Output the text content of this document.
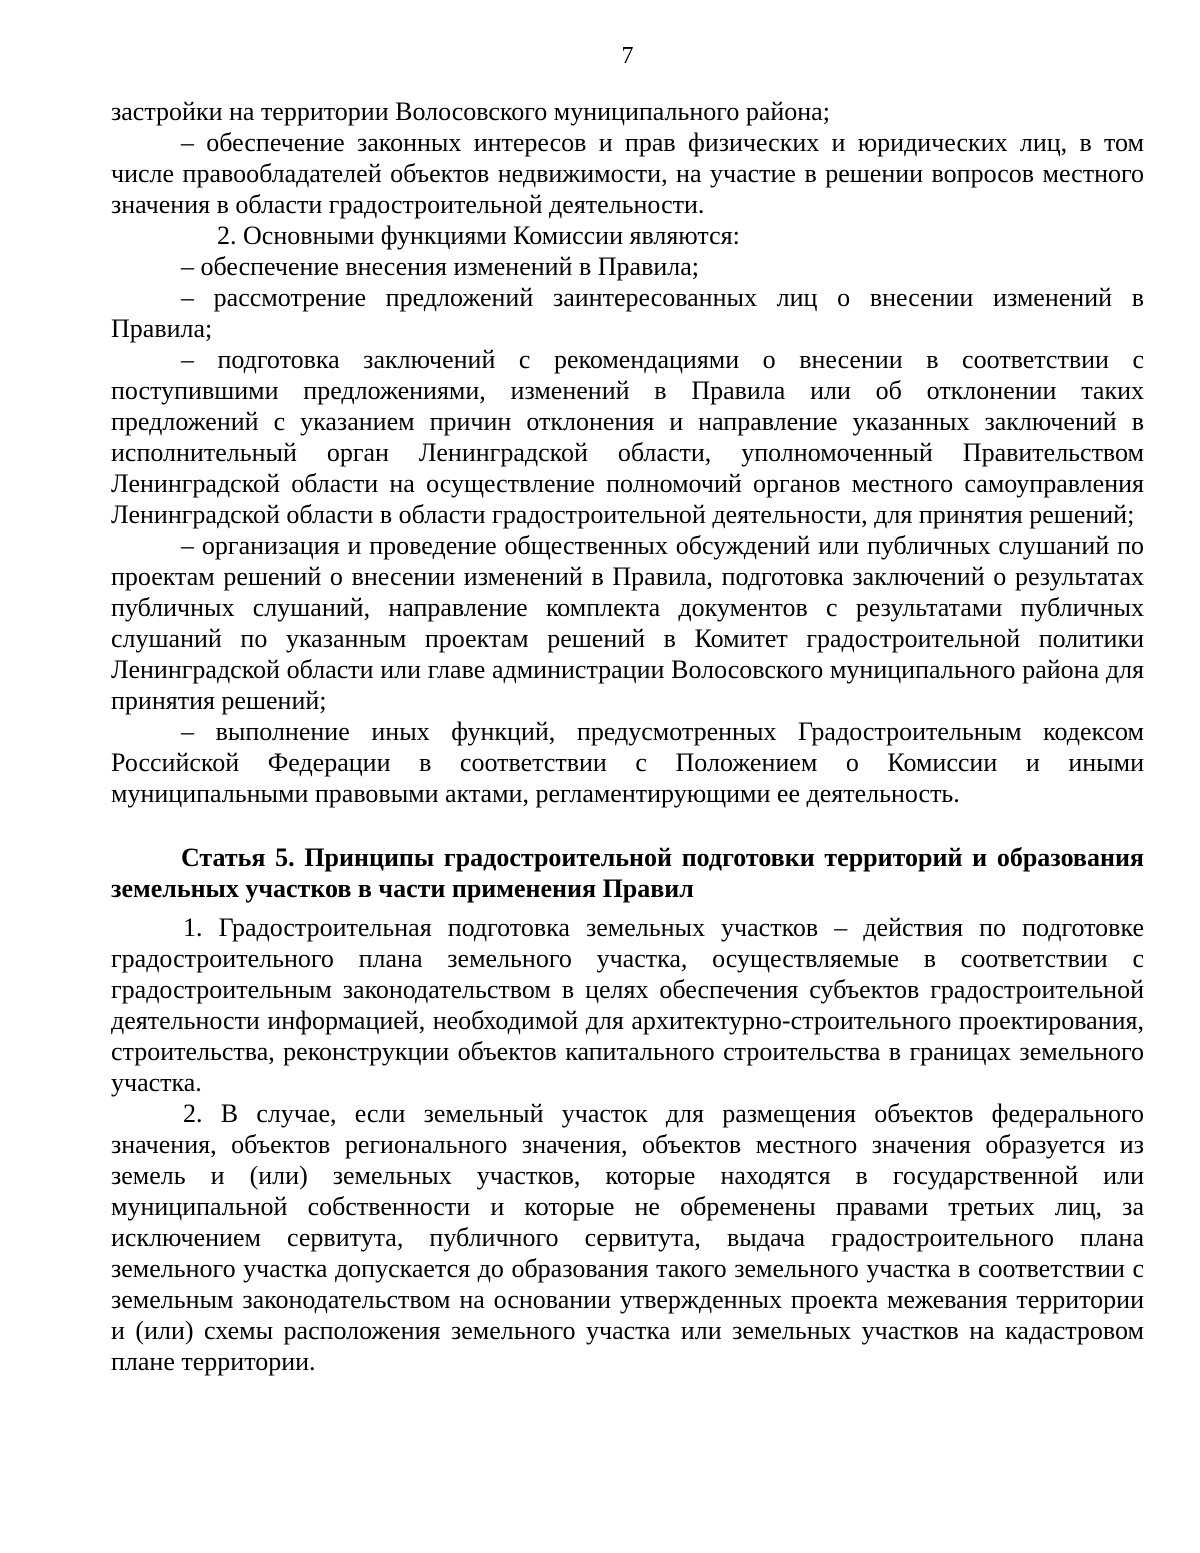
7

застройки на территории Волосовского муниципального района;

– обеспечение законных интересов и прав физических и юридических лиц, в том числе правообладателей объектов недвижимости, на участие в решении вопросов местного значения в области градостроительной деятельности.

2. Основными функциями Комиссии являются:

– обеспечение внесения изменений в Правила;

– рассмотрение предложений заинтересованных лиц о внесении изменений в Правила;

– подготовка заключений с рекомендациями о внесении в соответствии с поступившими предложениями, изменений в Правила или об отклонении таких предложений с указанием причин отклонения и направление указанных заключений в исполнительный орган Ленинградской области, уполномоченный Правительством Ленинградской области на осуществление полномочий органов местного самоуправления Ленинградской области в области градостроительной деятельности, для принятия решений;

– организация и проведение общественных обсуждений или публичных слушаний по проектам решений о внесении изменений в Правила, подготовка заключений о результатах публичных слушаний, направление комплекта документов с результатами публичных слушаний по указанным проектам решений в Комитет градостроительной политики Ленинградской области или главе администрации Волосовского муниципального района для принятия решений;

– выполнение иных функций, предусмотренных Градостроительным кодексом Российской Федерации в соответствии с Положением о Комиссии и иными муниципальными правовыми актами, регламентирующими ее деятельность.

Статья 5. Принципы градостроительной подготовки территорий и образования земельных участков в части применения Правил

1. Градостроительная подготовка земельных участков – действия по подготовке градостроительного плана земельного участка, осуществляемые в соответствии с градостроительным законодательством в целях обеспечения субъектов градостроительной деятельности информацией, необходимой для архитектурно-строительного проектирования, строительства, реконструкции объектов капитального строительства в границах земельного участка.

2. В случае, если земельный участок для размещения объектов федерального значения, объектов регионального значения, объектов местного значения образуется из земель и (или) земельных участков, которые находятся в государственной или муниципальной собственности и которые не обременены правами третьих лиц, за исключением сервитута, публичного сервитута, выдача градостроительного плана земельного участка допускается до образования такого земельного участка в соответствии с земельным законодательством на основании утвержденных проекта межевания территории и (или) схемы расположения земельного участка или земельных участков на кадастровом плане территории.
